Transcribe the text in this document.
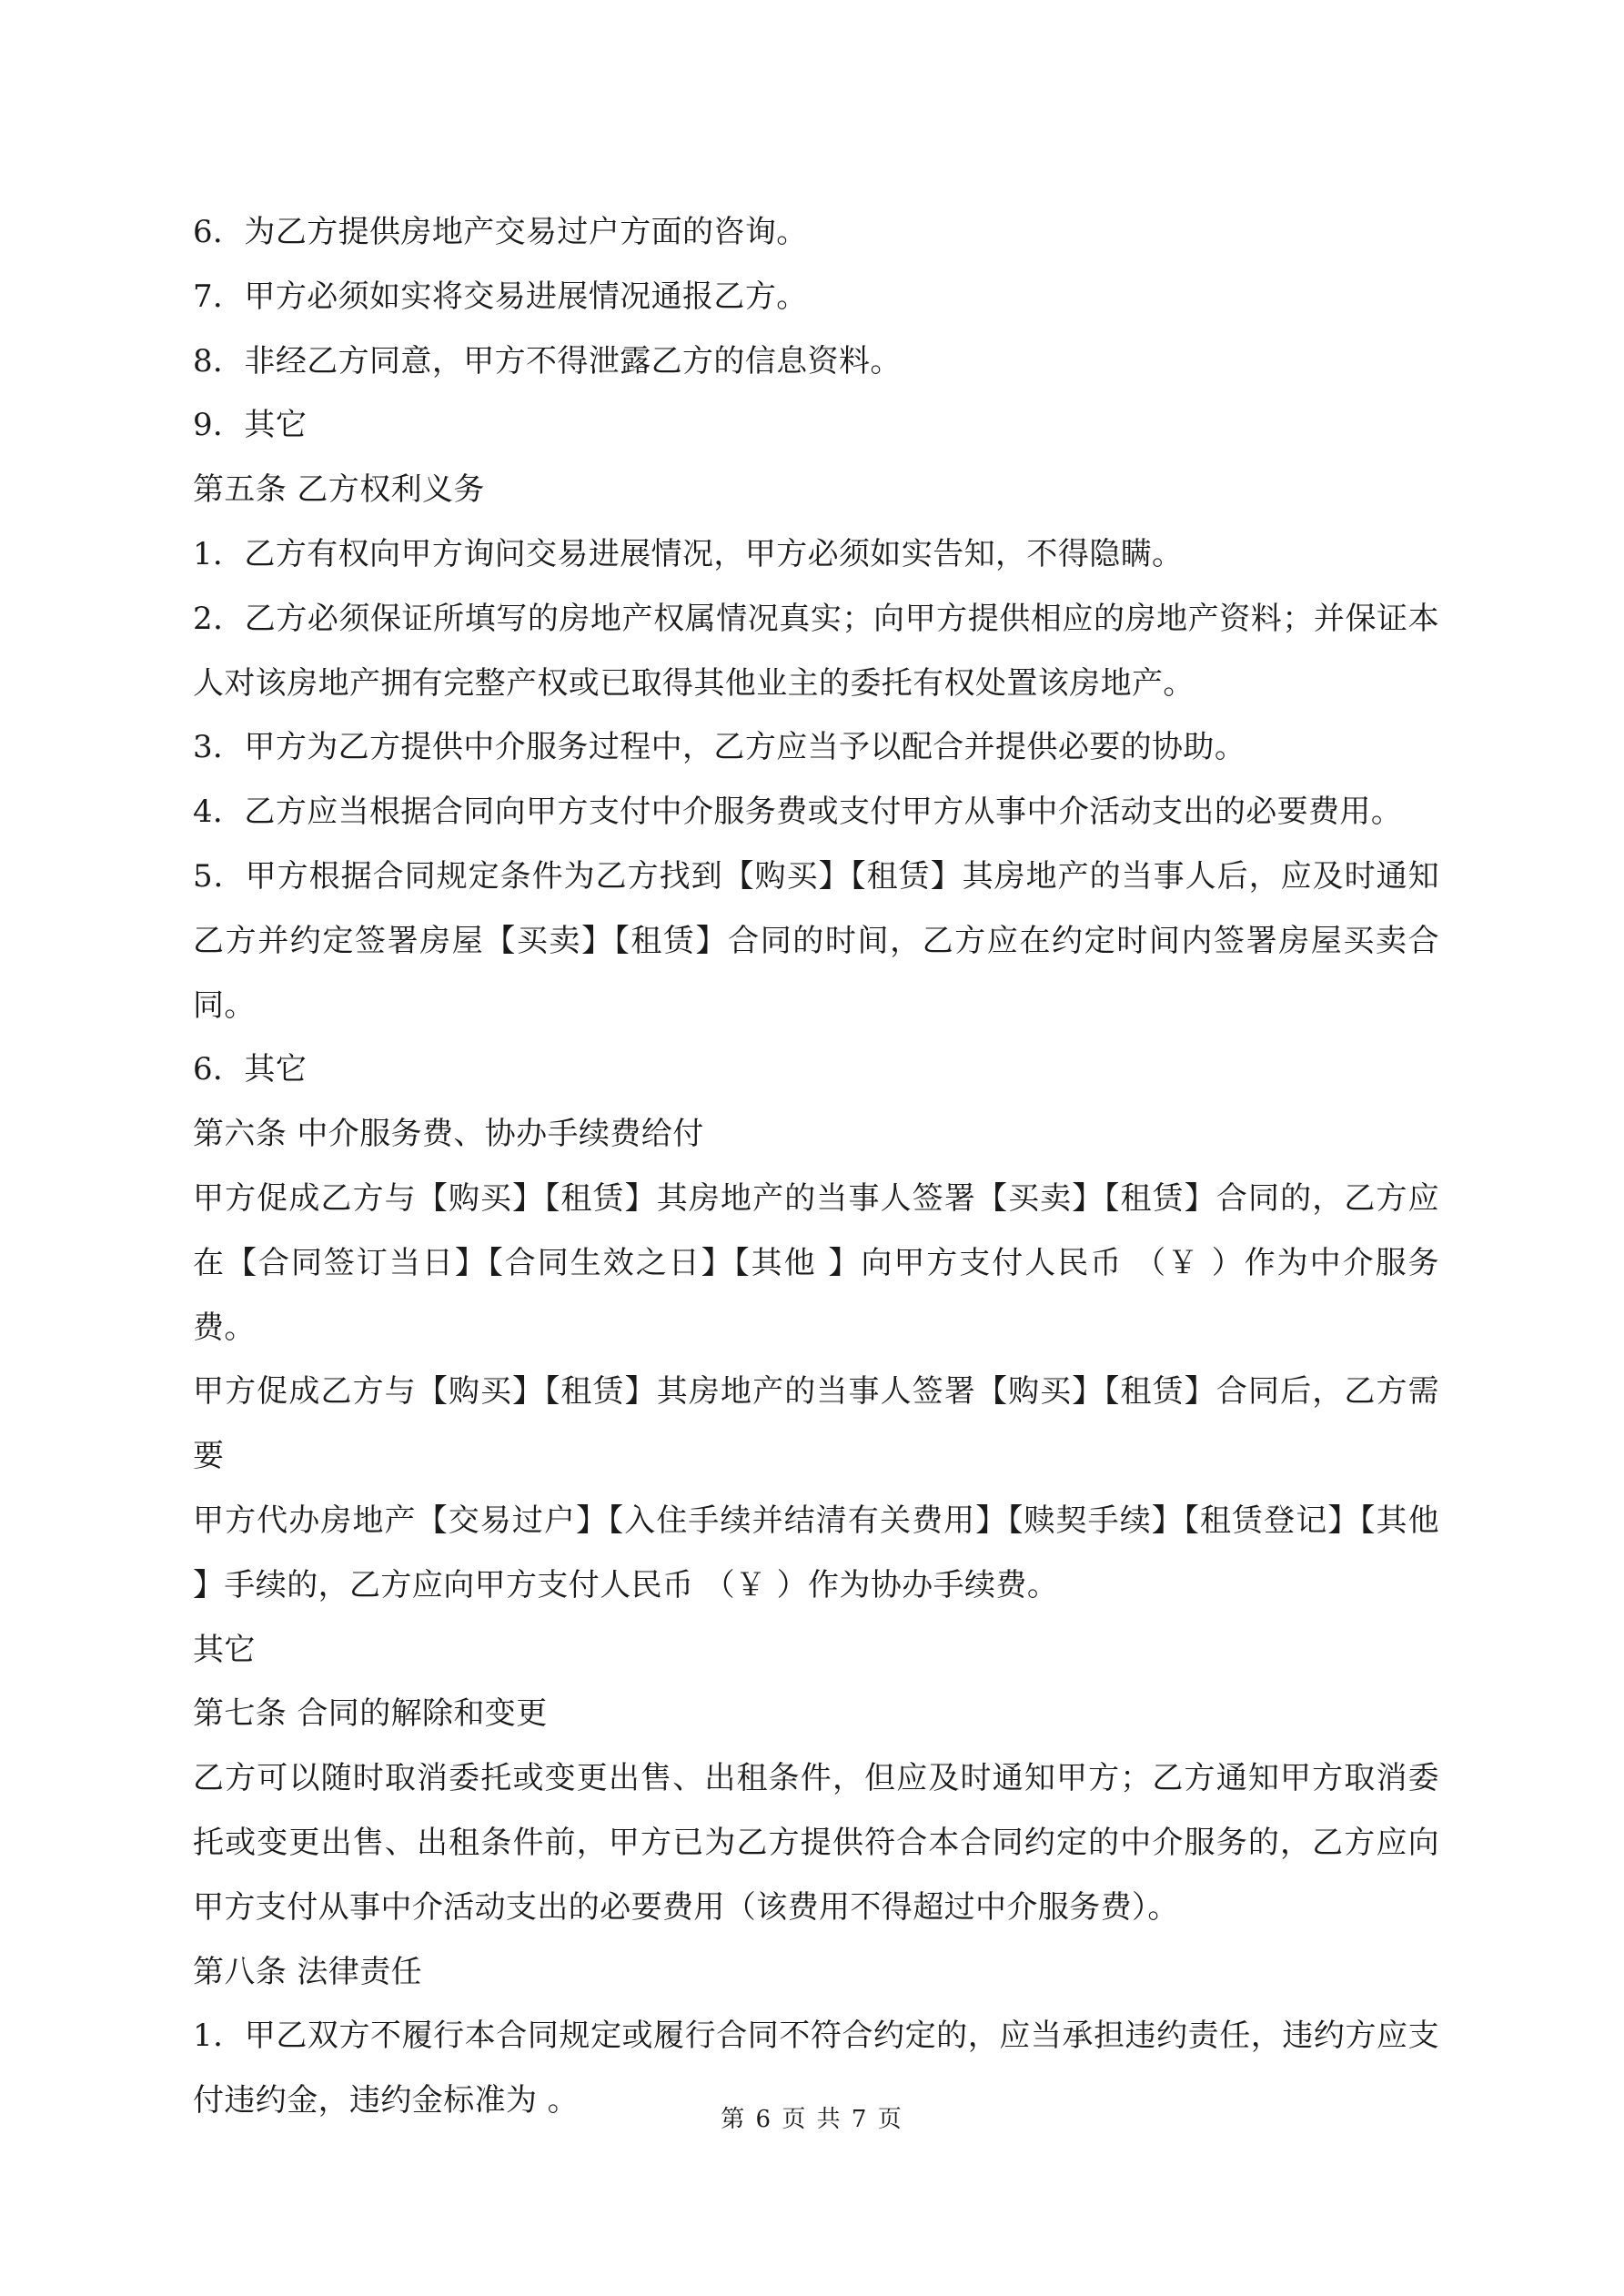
6．为乙方提供房地产交易过户方面的咨询。

7．甲方必须如实将交易进展情况通报乙方。

8．非经乙方同意，甲方不得泄露乙方的信息资料。

9．其它

第五条 乙方权利义务

1．乙方有权向甲方询问交易进展情况，甲方必须如实告知，不得隐瞒。

2．乙方必须保证所填写的房地产权属情况真实；向甲方提供相应的房地产资料；并保证本人对该房地产拥有完整产权或已取得其他业主的委托有权处置该房地产。

3．甲方为乙方提供中介服务过程中，乙方应当予以配合并提供必要的协助。

4．乙方应当根据合同向甲方支付中介服务费或支付甲方从事中介活动支出的必要费用。

5．甲方根据合同规定条件为乙方找到【购买】【租赁】其房地产的当事人后，应及时通知乙方并约定签署房屋【买卖】【租赁】合同的时间，乙方应在约定时间内签署房屋买卖合同。

6．其它

第六条 中介服务费、协办手续费给付

甲方促成乙方与【购买】【租赁】其房地产的当事人签署【买卖】【租赁】合同的，乙方应在【合同签订当日】【合同生效之日】【其他 】向甲方支付人民币 （￥ ）作为中介服务费。

甲方促成乙方与【购买】【租赁】其房地产的当事人签署【购买】【租赁】合同后，乙方需要

甲方代办房地产【交易过户】【入住手续并结清有关费用】【赎契手续】【租赁登记】【其他 】手续的，乙方应向甲方支付人民币 （￥ ）作为协办手续费。

其它

第七条 合同的解除和变更

乙方可以随时取消委托或变更出售、出租条件，但应及时通知甲方；乙方通知甲方取消委托或变更出售、出租条件前，甲方已为乙方提供符合本合同约定的中介服务的，乙方应向甲方支付从事中介活动支出的必要费用（该费用不得超过中介服务费）。

第八条 法律责任

1．甲乙双方不履行本合同规定或履行合同不符合约定的，应当承担违约责任，违约方应支付违约金，违约金标准为 。

第 6 页 共 7 页
